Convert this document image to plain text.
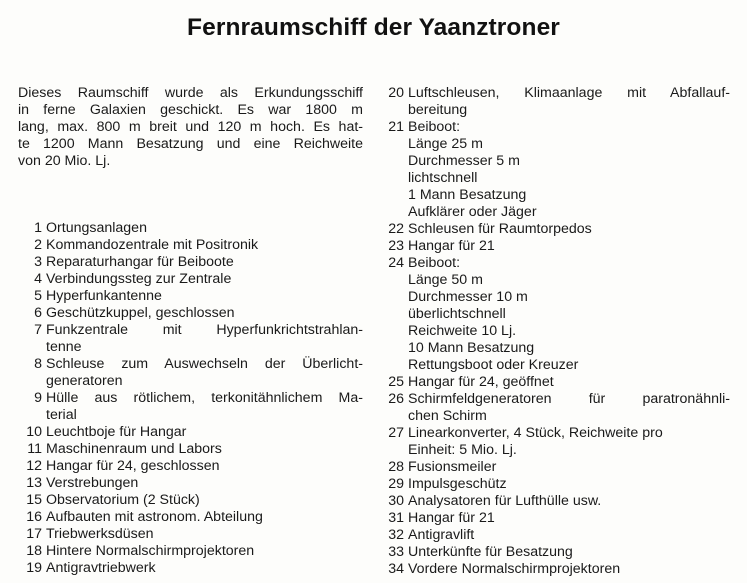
Fernraumschiff der Yaanztroner
Dieses Raumschiff wurde als Erkundungsschiff
in ferne Galaxien geschickt. Es war 1800 m
lang, max. 800 m breit und 120 m hoch. Es hat-
te 1200 Mann Besatzung und eine Reichweite
von 20 Mio. Lj.
1 Ortungsanlagen
2 Kommandozentrale mit Positronik
3 Reparaturhangar für Beiboote
4 Verbindungssteg zur Zentrale
5 Hyperfunkantenne
6 Geschützkuppel, geschlossen
7 Funkzentrale mit Hyperfunkrichtstrahlan-
tenne
8 Schleuse zum Auswechseln der Überlicht-
generatoren
9 Hülle aus rötlichem, terkonitähnlichem Ma-
terial
10 Leuchtboje für Hangar
11 Maschinenraum und Labors
12 Hangar für 24, geschlossen
13 Verstrebungen
15 Observatorium (2 Stück)
16 Aufbauten mit astronom. Abteilung
17 Triebwerksdüsen
18 Hintere Normalschirmprojektoren
19 Antigravtriebwerk
20 Luftschleusen, Klimaanlage mit Abfallauf-
bereitung
21 Beiboot:
Länge 25 m
Durchmesser 5 m
lichtschnell
1 Mann Besatzung
Aufklärer oder Jäger
22 Schleusen für Raumtorpedos
23 Hangar für 21
24 Beiboot:
Länge 50 m
Durchmesser 10 m
überlichtschnell
Reichweite 10 Lj.
10 Mann Besatzung
Rettungsboot oder Kreuzer
25 Hangar für 24, geöffnet
26 Schirmfeldgeneratoren für paratronähnli-
chen Schirm
27 Linearkonverter, 4 Stück, Reichweite pro
Einheit: 5 Mio. Lj.
28 Fusionsmeiler
29 Impulsgeschütz
30 Analysatoren für Lufthülle usw.
31 Hangar für 21
32 Antigravlift
33 Unterkünfte für Besatzung
34 Vordere Normalschirmprojektoren
